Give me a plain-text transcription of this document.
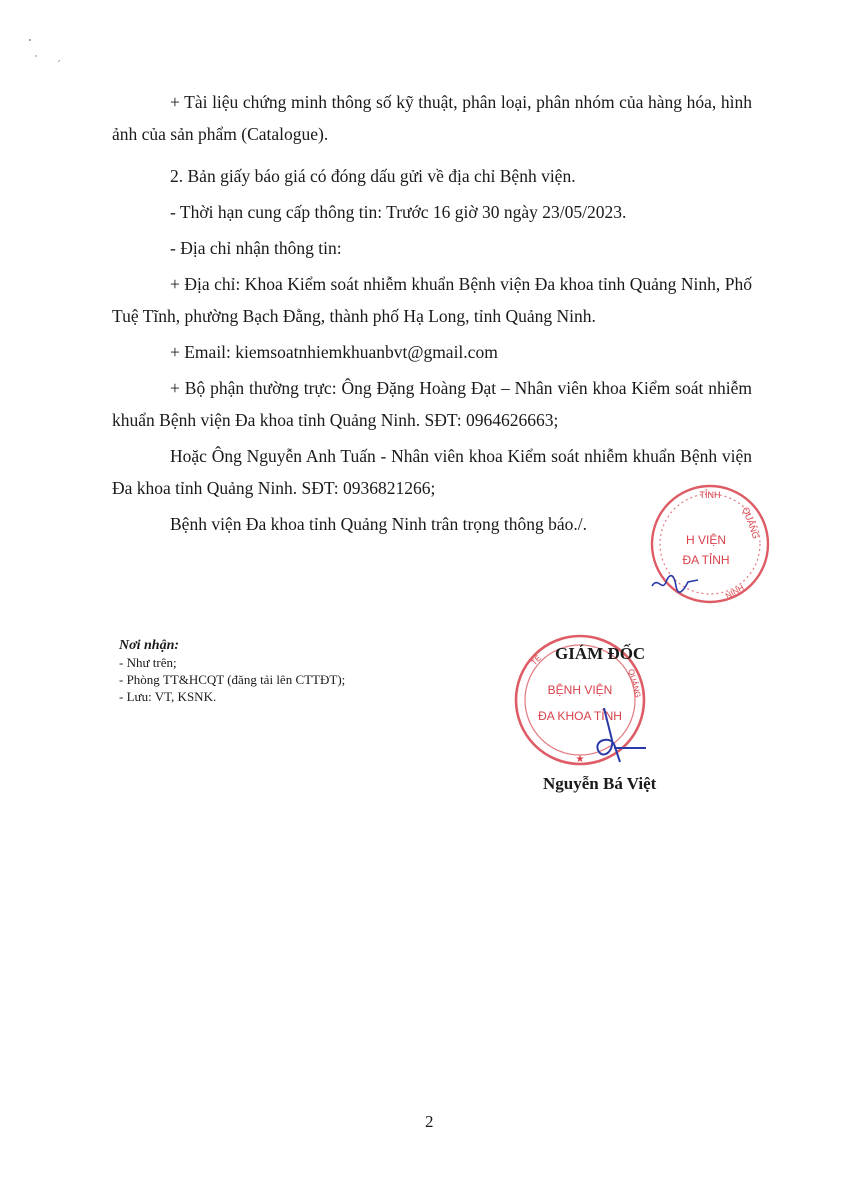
+ Tài liệu chứng minh thông số kỹ thuật, phân loại, phân nhóm của hàng hóa, hình ảnh của sản phẩm (Catalogue).

2. Bản giấy báo giá có đóng dấu gửi về địa chỉ Bệnh viện.

- Thời hạn cung cấp thông tin: Trước 16 giờ 30 ngày 23/05/2023.

- Địa chỉ nhận thông tin:

+ Địa chỉ: Khoa Kiểm soát nhiễm khuẩn Bệnh viện Đa khoa tỉnh Quảng Ninh, Phố Tuệ Tĩnh, phường Bạch Đằng, thành phố Hạ Long, tỉnh Quảng Ninh.

+ Email: kiemsoatnhiemkhuanbvt@gmail.com

+ Bộ phận thường trực: Ông Đặng Hoàng Đạt – Nhân viên khoa Kiểm soát nhiễm khuẩn Bệnh viện Đa khoa tỉnh Quảng Ninh. SĐT: 0964626663;

Hoặc Ông Nguyễn Anh Tuấn - Nhân viên khoa Kiểm soát nhiễm khuẩn Bệnh viện Đa khoa tỉnh Quảng Ninh. SĐT: 0936821266;

Bệnh viện Đa khoa tỉnh Quảng Ninh trân trọng thông báo./.

TỈNH
QUẢNG
H VIỆN
ĐA TỈNH
NINH
Nơi nhận:
- Như trên;
- Phòng TT&HCQT (đăng tải lên CTTĐT);
- Lưu: VT, KSNK.	BỆNH VIỆN
ĐA KHOA TỈNH
QUẢNG
TẾ
★
GIÁM ĐỐC
Nguyễn Bá Việt
2
